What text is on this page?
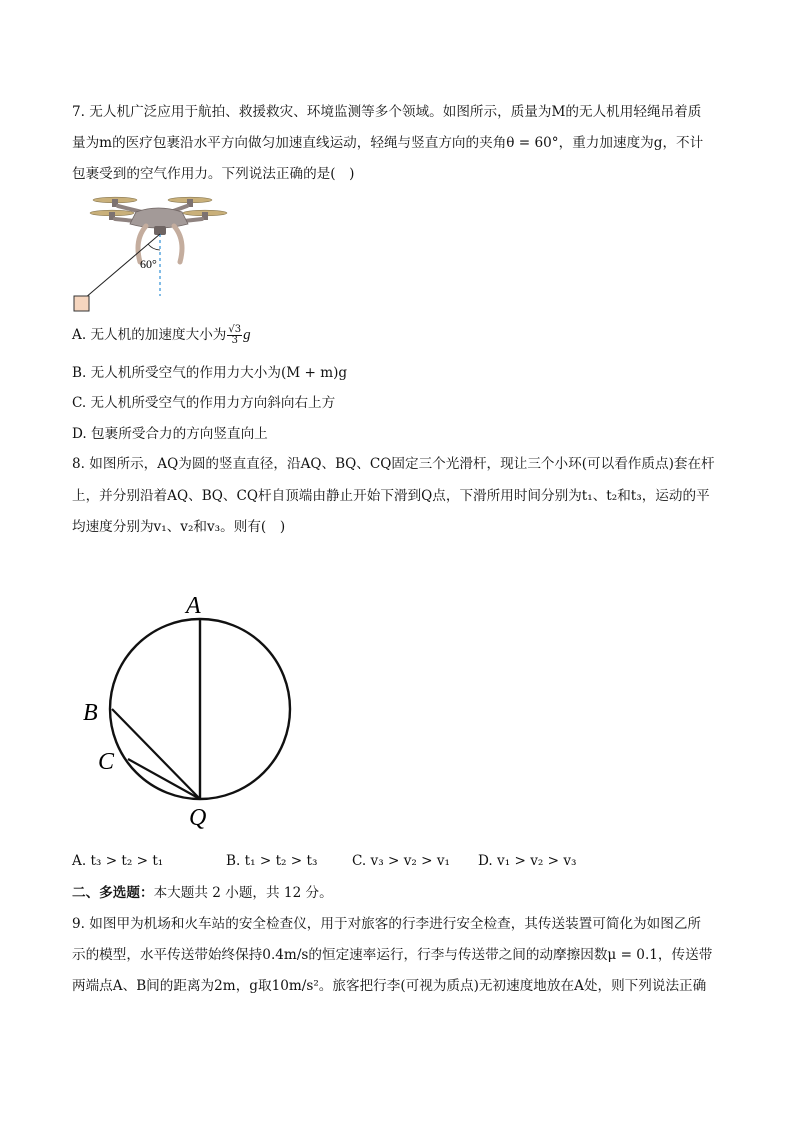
7. 无人机广泛应用于航拍、救援救灾、环境监测等多个领域。如图所示，质量为M的无人机用轻绳吊着质
量为m的医疗包裹沿水平方向做匀加速直线运动，轻绳与竖直方向的夹角θ = 60°，重力加速度为g，不计
包裹受到的空气作用力。下列说法正确的是(　)
60°
A. 无人机的加速度大小为 $\frac{√3}{3}$ g
B. 无人机所受空气的作用力大小为(M + m)g
C. 无人机所受空气的作用力方向斜向右上方
D. 包裹所受合力的方向竖直向上
8. 如图所示，AQ为圆的竖直直径，沿AQ、BQ、CQ固定三个光滑杆，现让三个小环(可以看作质点)套在杆
上，并分别沿着AQ、BQ、CQ杆自顶端由静止开始下滑到Q点，下滑所用时间分别为t₁、t₂和t₃，运动的平
均速度分别为v₁、v₂和v₃。则有(　)
A
B
C
Q
A. t₃ > t₂ > t₁	B. t₁ > t₂ > t₃	C. v₃ > v₂ > v₁ D. v₁ > v₂ > v₃
二、多选题：本大题共 2 小题，共 12 分。
9. 如图甲为机场和火车站的安全检查仪，用于对旅客的行李进行安全检查，其传送装置可简化为如图乙所
示的模型，水平传送带始终保持0.4m/s的恒定速率运行，行李与传送带之间的动摩擦因数μ = 0.1，传送带
两端点A、B间的距离为2m，g取10m/s²。旅客把行李(可视为质点)无初速度地放在A处，则下列说法正确
